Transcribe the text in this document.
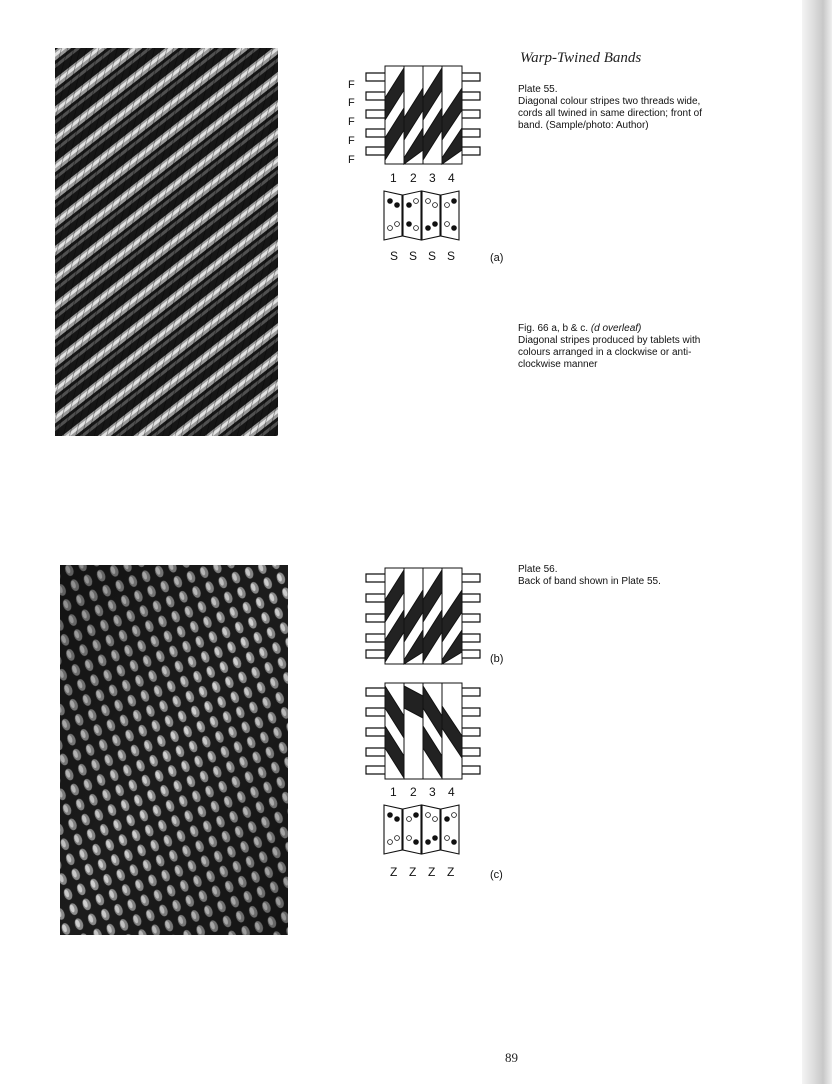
Warp-Twined Bands
Plate 55.
Diagonal colour stripes two threads wide, cords all twined in same direction; front of band. (Sample/photo: Author)
Fig. 66 a, b & c. (d overleaf)
Diagonal stripes produced by tablets with colours arranged in a clockwise or anti-clockwise manner
Plate 56.
Back of band shown in Plate 55.
F
F
F
F
F
1 2 3 4
S S S S	(a)
(b)
1 2 3 4
Z Z Z Z	(c)
89
